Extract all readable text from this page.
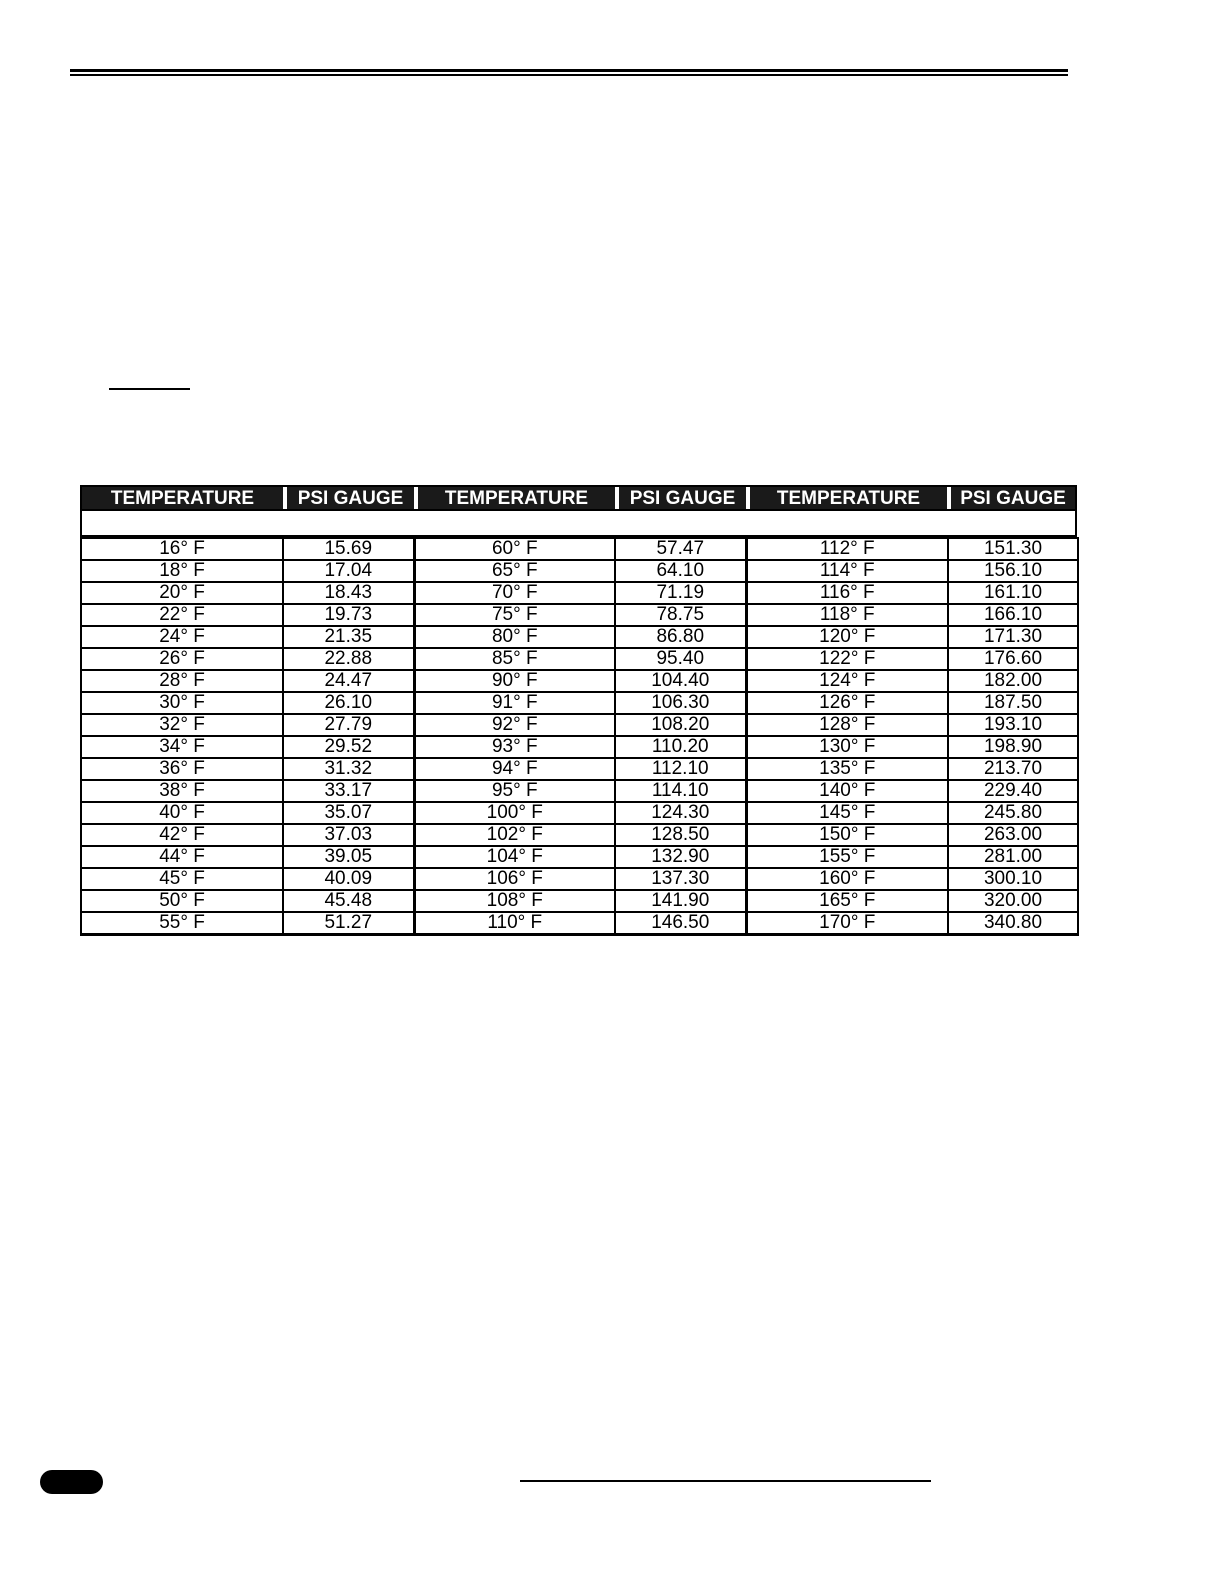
TEMPERATURE	PSI GAUGE	TEMPERATURE	PSI GAUGE	TEMPERATURE	PSI GAUGE
16° F	15.69	60° F	57.47	112° F	151.30
18° F	17.04	65° F	64.10	114° F	156.10
20° F	18.43	70° F	71.19	116° F	161.10
22° F	19.73	75° F	78.75	118° F	166.10
24° F	21.35	80° F	86.80	120° F	171.30
26° F	22.88	85° F	95.40	122° F	176.60
28° F	24.47	90° F	104.40	124° F	182.00
30° F	26.10	91° F	106.30	126° F	187.50
32° F	27.79	92° F	108.20	128° F	193.10
34° F	29.52	93° F	110.20	130° F	198.90
36° F	31.32	94° F	112.10	135° F	213.70
38° F	33.17	95° F	114.10	140° F	229.40
40° F	35.07	100° F	124.30	145° F	245.80
42° F	37.03	102° F	128.50	150° F	263.00
44° F	39.05	104° F	132.90	155° F	281.00
45° F	40.09	106° F	137.30	160° F	300.10
50° F	45.48	108° F	141.90	165° F	320.00
55° F	51.27	110° F	146.50	170° F	340.80
